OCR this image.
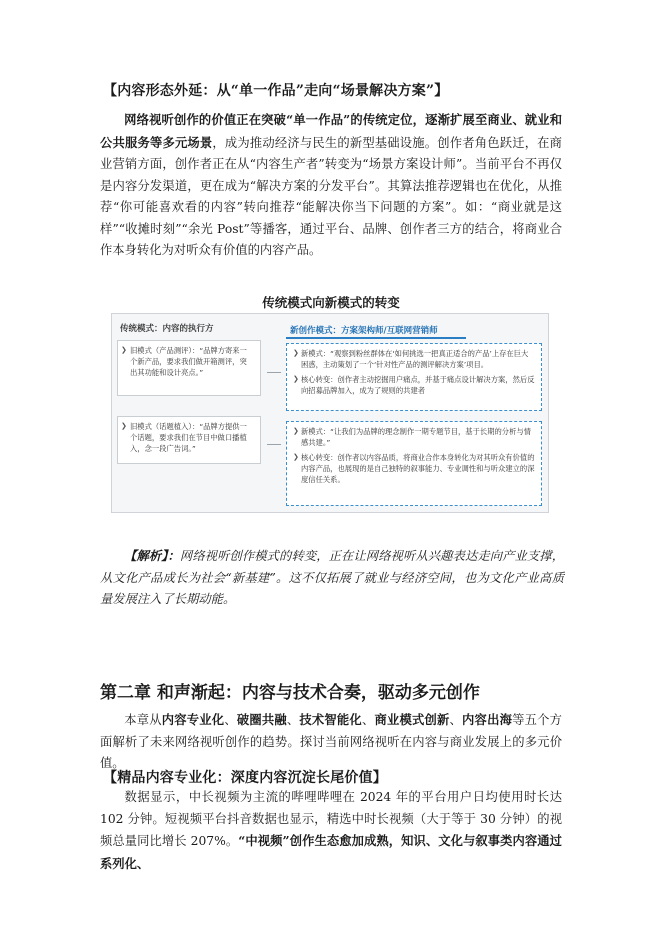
【内容形态外延：从“单一作品”走向“场景解决方案”】
网络视听创作的价值正在突破“单一作品”的传统定位，逐渐扩展至商业、就业和公共服务等多元场景，成为推动经济与民生的新型基础设施。创作者角色跃迁，在商业营销方面，创作者正在从“内容生产者”转变为“场景方案设计师”。当前平台不再仅是内容分发渠道，更在成为“解决方案的分发平台”。其算法推荐逻辑也在优化，从推荐“你可能喜欢看的内容”转向推荐“能解决你当下问题的方案”。如：“商业就是这样”“收摊时刻”“余光 Post”等播客，通过平台、品牌、创作者三方的结合，将商业合作本身转化为对听众有价值的内容产品。
传统模式向新模式的转变
传统模式：内容的执行方	新创作模式：方案架构师/互联网营销师
❯ 旧模式（产品测评）：“品牌方寄来一个新产品，要求我们做开箱测评，突出其功能和设计亮点。”
❯ 旧模式（话题植入）：“品牌方提供一个话题，要求我们在节目中做口播植入，念一段广告词。”
❯ 新模式：“观察到粉丝群体在‘如何挑选一把真正适合的产品’上存在巨大困惑，主动策划了一个‘针对性产品的测评解决方案’项目。
❯ 核心转变：创作者主动挖掘用户痛点，并基于痛点设计解决方案，然后反向招募品牌加入，成为了规则的共建者
❯ 新模式：“让我们为品牌的理念制作一期专题节目，基于长期的分析与情感共建。”
❯ 核心转变：创作者以内容品质，将商业合作本身转化为对其听众有价值的内容产品，也展现的是自己独特的叙事能力、专业调性和与听众建立的深度信任关系。
【解析】：网络视听创作模式的转变，正在让网络视听从兴趣表达走向产业支撑，从文化产品成长为社会“新基建”。这不仅拓展了就业与经济空间，也为文化产业高质量发展注入了长期动能。
第二章 和声渐起：内容与技术合奏，驱动多元创作
本章从内容专业化、破圈共融、技术智能化、商业模式创新、内容出海等五个方面解析了未来网络视听创作的趋势。探讨当前网络视听在内容与商业发展上的多元价值。
【精品内容专业化：深度内容沉淀长尾价值】
数据显示，中长视频为主流的哔哩哔哩在 2024 年的平台用户日均使用时长达 102 分钟。短视频平台抖音数据也显示，精选中时长视频（大于等于 30 分钟）的视频总量同比增长 207%。“中视频”创作生态愈加成熟，知识、文化与叙事类内容通过系列化、
